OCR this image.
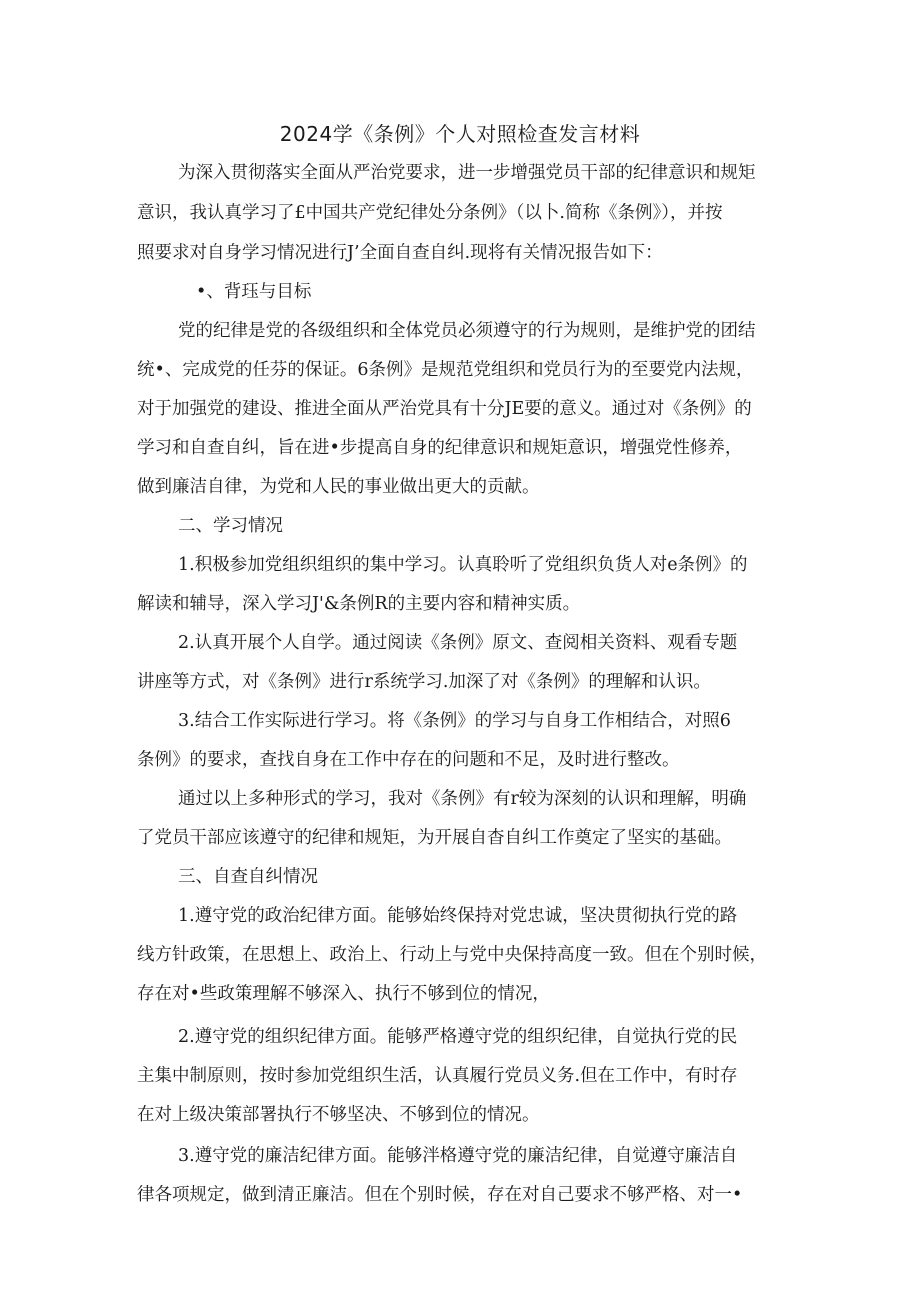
2024学《条例》个人对照检查发言材料
为深入贯彻落实全面从严治党要求，进一步增强党员干部的纪律意识和规矩
意识，我认真学习了£中国共产党纪律处分条例》（以卜.简称《条例》），并按
照要求对自身学习情况进行J’全面自查自纠.现将有关情况报告如下：
•、背珏与目标
党的纪律是党的各级组织和全体党员必须遵守的行为规则，是维护党的团结
统•、完成党的任芬的保证。6条例》是规范党组织和党员行为的至要党内法规，
对于加强党的建设、推进全面从严治党具有十分JE要的意义。通过对《条例》的
学习和自查自纠，旨在进•步提高自身的纪律意识和规矩意识，增强党性修养，
做到廉洁自律，为党和人民的事业做出更大的贡献。
二、学习情况
1.积极参加党组织组织的集中学习。认真聆听了党组织负货人对e条例》的
解读和辅导，深入学习J'&条例R的主要内容和精神实质。
2.认真开展个人自学。通过阅读《条例》原文、查阅相关资料、观看专题
讲座等方式，对《条例》进行r系统学习.加深了对《条例》的理解和认识。
3.结合工作实际进行学习。将《条例》的学习与自身工作相结合，对照6
条例》的要求，查找自身在工作中存在的问题和不足，及时进行整改。
通过以上多种形式的学习，我对《条例》有r较为深刻的认识和理解，明确
了党员干部应该遵守的纪律和规矩，为开展自杳自纠工作奠定了坚实的基础。
三、自查自纠情况
1.遵守党的政治纪律方面。能够始终保持对党忠诚，坚决贯彻执行党的路
线方针政策，在思想上、政治上、行动上与党中央保持高度一致。但在个别时候，
存在对•些政策理解不够深入、执行不够到位的情况，
2.遵守党的组织纪律方面。能够严格遵守党的组织纪律，自觉执行党的民
主集中制原则，按时参加党组织生活，认真履行党员义务.但在工作中，有时存
在对上级决策部署执行不够坚决、不够到位的情况。
3.遵守党的廉洁纪律方面。能够泮格遵守党的廉洁纪律，自觉遵守廉洁自
律各项规定，做到清正廉洁。但在个别时候，存在对自己要求不够严格、对一•
